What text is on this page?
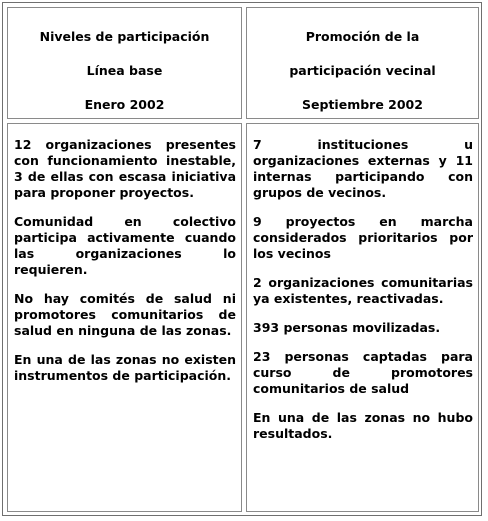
Niveles de participación

Línea base

Enero 2002

Promoción de la

participación vecinal

Septiembre 2002

12 organizaciones presentes con funcionamiento inestable, 3 de ellas con escasa iniciativa para proponer proyectos.

Comunidad en colectivo participa activamente cuando las organizaciones lo requieren.

No hay comités de salud ni promotores comunitarios de salud en ninguna de las zonas.

En una de las zonas no existen instrumentos de participación.

7 instituciones u organizaciones externas y 11 internas participando con grupos de vecinos.

9 proyectos en marcha considerados prioritarios por los vecinos

2 organizaciones comunitarias ya existentes, reactivadas.

393 personas movilizadas.

23 personas captadas para curso de promotores comunitarios de salud

En una de las zonas no hubo resultados.
